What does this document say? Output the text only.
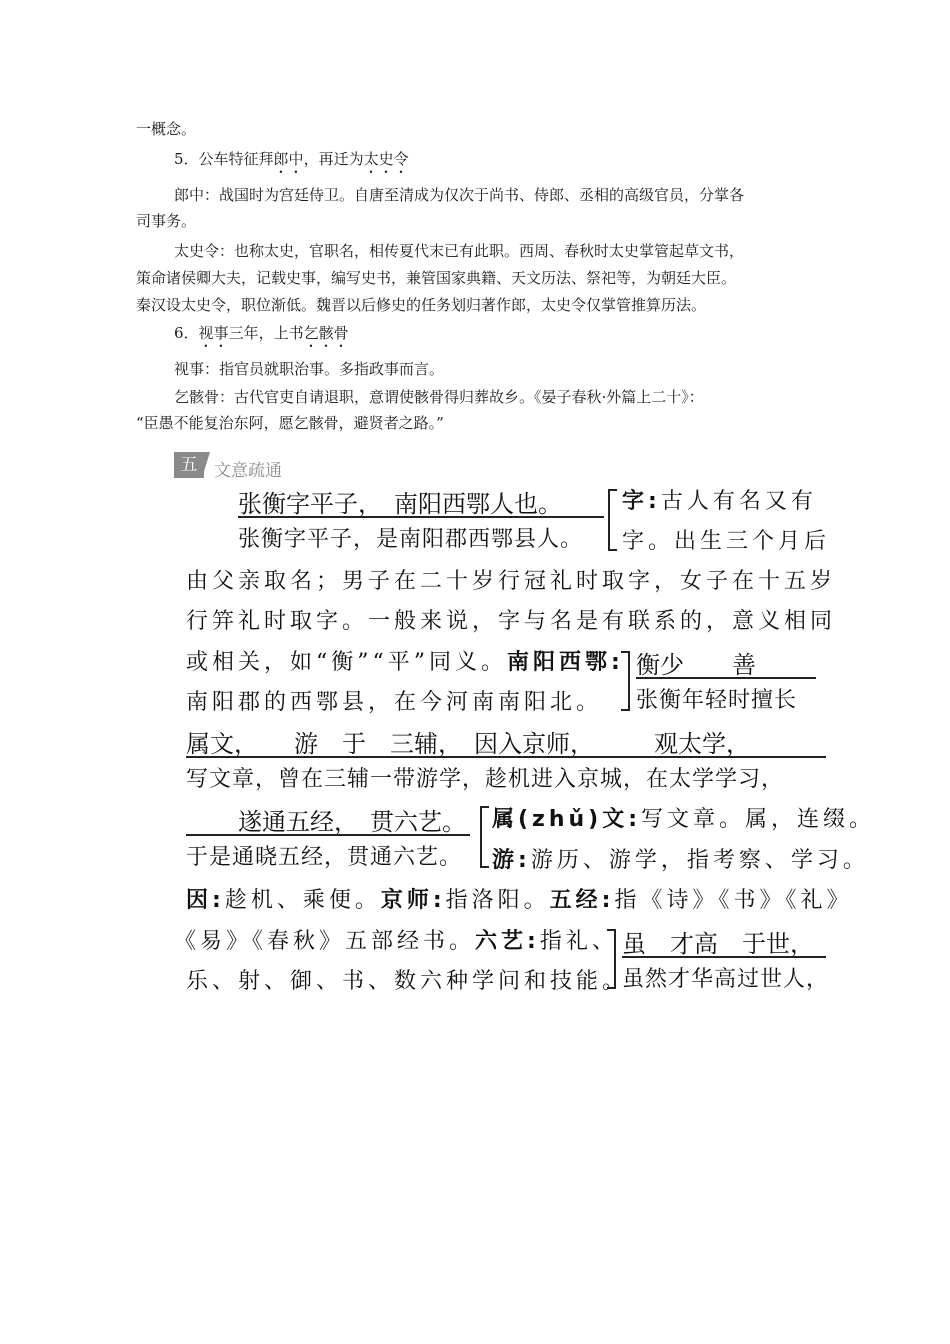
一概念。
5．公车特征拜郎中，再迁为太史令
郎中：战国时为宫廷侍卫。自唐至清成为仅次于尚书、侍郎、丞相的高级官员，分掌各
司事务。
太史令：也称太史，官职名，相传夏代末已有此职。西周、春秋时太史掌管起草文书，
策命诸侯卿大夫，记载史事，编写史书，兼管国家典籍、天文历法、祭祀等，为朝廷大臣。
秦汉设太史令，职位渐低。魏晋以后修史的任务划归著作郎，太史令仅掌管推算历法。
6．视事三年，上书乞骸骨
视事：指官员就职治事。多指政事而言。
乞骸骨：古代官吏自请退职，意谓使骸骨得归葬故乡。《晏子春秋·外篇上二十》：
“臣愚不能复治东阿，愿乞骸骨，避贤者之路。”
五 文意疏通
张衡字平子，　南阳西鄂人也。
张衡字平子，是南阳郡西鄂县人。
字:古人有名又有
字。出生三个月后
由父亲取名；男子在二十岁行冠礼时取字，女子在十五岁
行笄礼时取字。一般来说，字与名是有联系的，意义相同
或相关，如“衡”“平”同义。南阳西鄂:
南阳郡的西鄂县，在今河南南阳北。
衡少　　善
张衡年轻时擅长
属文，　　游　于　三辅，　因入京师，　　　观太学，
写文章，曾在三辅一带游学，趁机进入京城，在太学学习，
遂通五经，　贯六艺。
于是通晓五经，贯通六艺。
属(zhǔ)文:写文章。属，连缀。
游:游历、游学，指考察、学习。
因:趁机、乘便。京师:指洛阳。五经:指《诗》《书》《礼》
《易》《春秋》五部经书。六艺:指礼、
乐、射、御、书、数六种学问和技能。
虽　才高　于世，
虽然才华高过世人，
